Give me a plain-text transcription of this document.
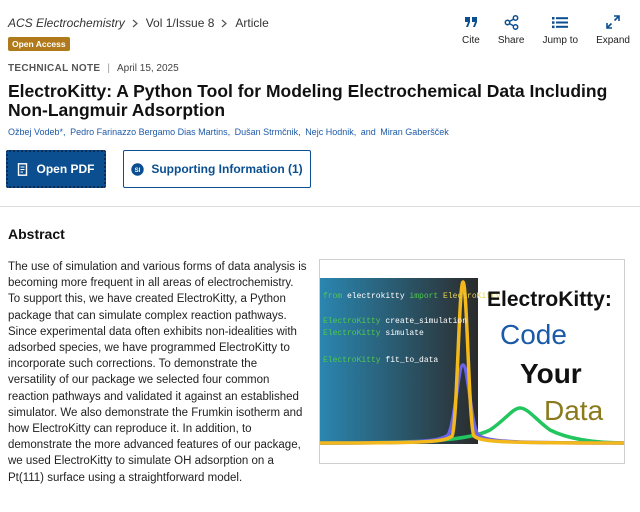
ACS Electrochemistry Vol 1/Issue 8 Article
Open Access	Cite Share Jump to Expand
TECHNICAL NOTE | April 15, 2025
ElectroKitty: A Python Tool for Modeling Electrochemical Data Including Non-Langmuir Adsorption
Ožbej Vodeb*, Pedro Farinazzo Bergamo Dias Martins, Dušan Strmčnik, Nejc Hodnik, and Miran Gaberšček
Open PDF	SI Supporting Information (1)
Abstract

The use of simulation and various forms of data analysis is becoming more frequent in all areas of electrochemistry. To support this, we have created ElectroKitty, a Python package that can simulate complex reaction pathways. Since experimental data often exhibits non-idealities with adsorbed species, we have programmed ElectroKitty to incorporate such corrections. To demonstrate the versatility of our package we selected four common reaction pathways and validated it against an established simulator. We also demonstrate the Frumkin isotherm and how ElectroKitty can reproduce it. In addition, to demonstrate the more advanced features of our package, we used ElectroKitty to simulate OH adsorption on a Pt(111) surface using a straightforward model.

from electrokitty import ElectroKitty
ElectroKitty create_simulation
ElectroKitty simulate
ElectroKitty fit_to_data
ElectroKitty:
Code
Your
Data
